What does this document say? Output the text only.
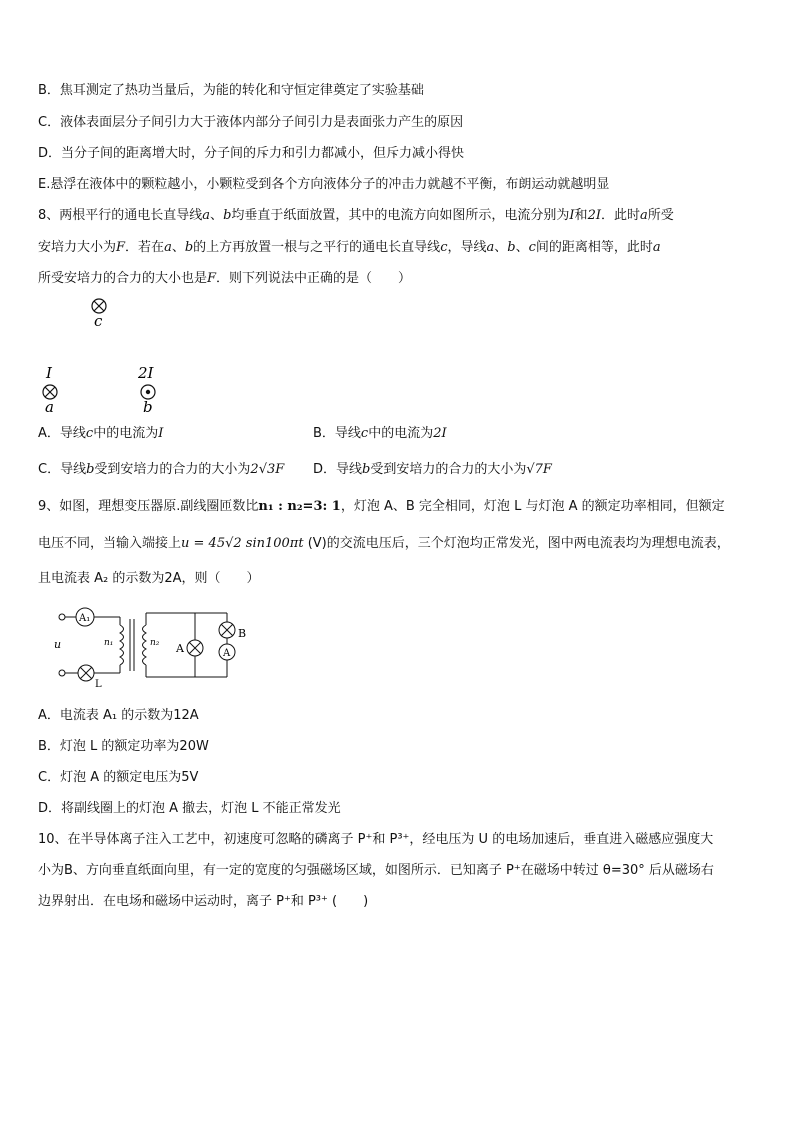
B．焦耳测定了热功当量后，为能的转化和守恒定律奠定了实验基础
C．液体表面层分子间引力大于液体内部分子间引力是表面张力产生的原因
D．当分子间的距离增大时，分子间的斥力和引力都减小，但斥力减小得快
E.悬浮在液体中的颗粒越小，小颗粒受到各个方向液体分子的冲击力就越不平衡，布朗运动就越明显
8、两根平行的通电长直导线a、b均垂直于纸面放置，其中的电流方向如图所示，电流分别为I和2I．此时a所受
安培力大小为F．若在a、b的上方再放置一根与之平行的通电长直导线c，导线a、b、c间的距离相等，此时a
所受安培力的合力的大小也是F．则下列说法中正确的是（　　）
c
I
a
2I
b
A．导线c中的电流为I	B．导线c中的电流为2I
C．导线b受到安培力的合力的大小为2√3F D．导线b受到安培力的合力的大小为√7F
9、如图，理想变压器原.副线圈匝数比n₁ : n₂=3: 1，灯泡 A、B 完全相同，灯泡 L 与灯泡 A 的额定功率相同，但额定
电压不同，当输入端接上u = 45√2 sin100πt (V)的交流电压后，三个灯泡均正常发光，图中两电流表均为理想电流表，
且电流表 A₂ 的示数为2A，则（　　）
A₁
L
u	n₁	n₂ A
B
A
A．电流表 A₁ 的示数为12A
B．灯泡 L 的额定功率为20W
C．灯泡 A 的额定电压为5V
D．将副线圈上的灯泡 A 撤去，灯泡 L 不能正常发光
10、在半导体离子注入工艺中，初速度可忽略的磷离子 P⁺和 P³⁺，经电压为 U 的电场加速后，垂直进入磁感应强度大
小为B、方向垂直纸面向里，有一定的宽度的匀强磁场区域，如图所示．已知离子 P⁺在磁场中转过 θ=30° 后从磁场右
边界射出．在电场和磁场中运动时，离子 P⁺和 P³⁺ (　　)
